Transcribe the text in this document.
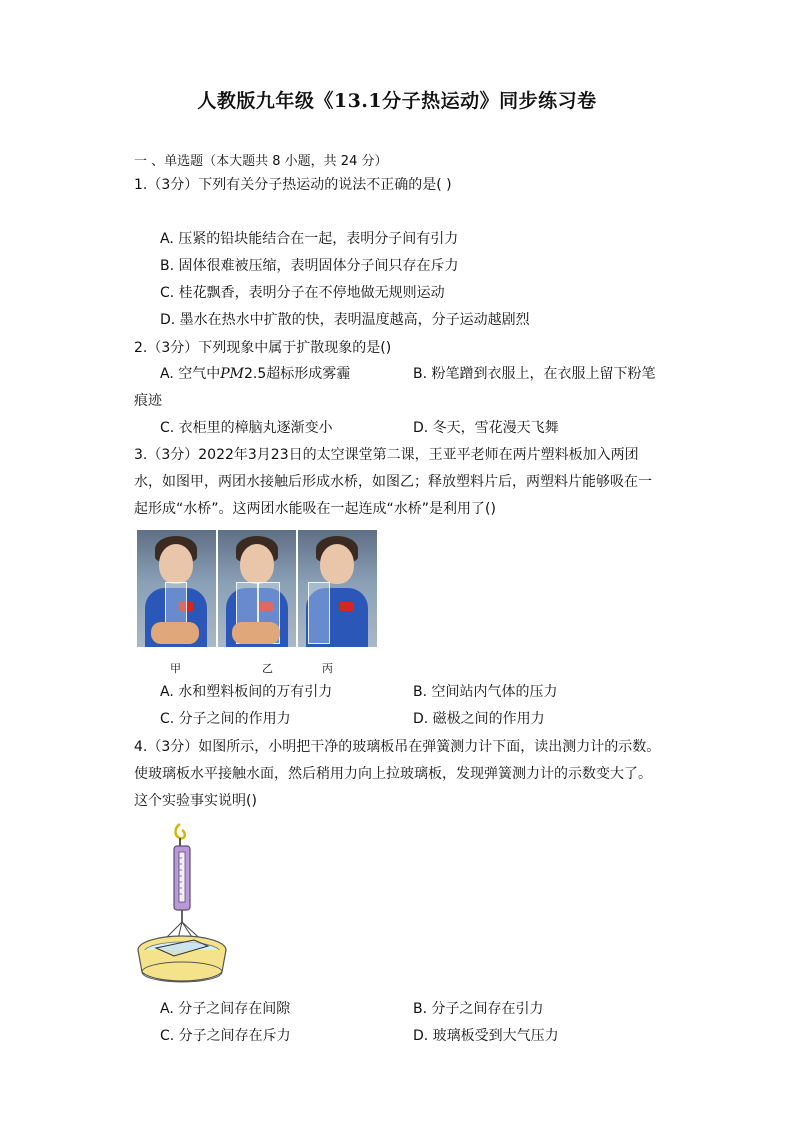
人教版九年级《13.1分子热运动》同步练习卷
一 、单选题（本大题共 8 小题，共 24 分）
1.（3分）下列有关分子热运动的说法不正确的是( )
A. 压紧的铅块能结合在一起，表明分子间有引力
B. 固体很难被压缩，表明固体分子间只存在斥力
C. 桂花飘香，表明分子在不停地做无规则运动
D. 墨水在热水中扩散的快，表明温度越高，分子运动越剧烈
2.（3分）下列现象中属于扩散现象的是()
A. 空气中PM2.5超标形成雾霾	B. 粉笔蹭到衣服上，在衣服上留下粉笔
痕迹
C. 衣柜里的樟脑丸逐渐变小	D. 冬天，雪花漫天飞舞
3.（3分）2022年3月23日的太空课堂第二课，王亚平老师在两片塑料板加入两团水，如图甲，两团水接触后形成水桥，如图乙；释放塑料片后，两塑料片能够吸在一起形成“水桥”。这两团水能吸在一起连成“水桥”是利用了()
甲	乙	丙
A. 水和塑料板间的万有引力	B. 空间站内气体的压力
C. 分子之间的作用力	D. 磁极之间的作用力
4.（3分）如图所示，小明把干净的玻璃板吊在弹簧测力计下面，读出测力计的示数。使玻璃板水平接触水面，然后稍用力向上拉玻璃板，发现弹簧测力计的示数变大了。这个实验事实说明()
A. 分子之间存在间隙	B. 分子之间存在引力
C. 分子之间存在斥力	D. 玻璃板受到大气压力
